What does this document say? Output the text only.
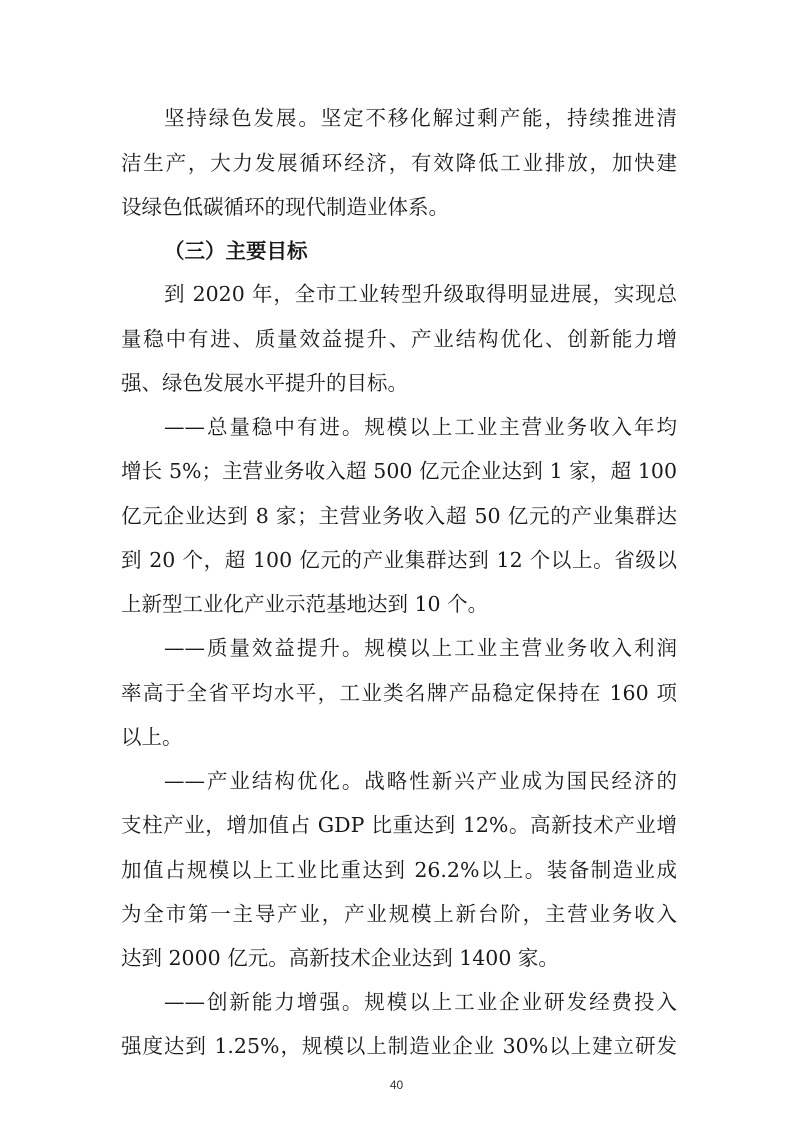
坚持绿色发展。坚定不移化解过剩产能，持续推进清
洁生产，大力发展循环经济，有效降低工业排放，加快建
设绿色低碳循环的现代制造业体系。
（三）主要目标
到 2020 年，全市工业转型升级取得明显进展，实现总
量稳中有进、质量效益提升、产业结构优化、创新能力增
强、绿色发展水平提升的目标。
——总量稳中有进。规模以上工业主营业务收入年均
增长 5%；主营业务收入超 500 亿元企业达到 1 家，超 100
亿元企业达到 8 家；主营业务收入超 50 亿元的产业集群达
到 20 个，超 100 亿元的产业集群达到 12 个以上。省级以
上新型工业化产业示范基地达到 10 个。
——质量效益提升。规模以上工业主营业务收入利润
率高于全省平均水平，工业类名牌产品稳定保持在 160 项
以上。
——产业结构优化。战略性新兴产业成为国民经济的
支柱产业，增加值占 GDP 比重达到 12%。高新技术产业增
加值占规模以上工业比重达到 26.2%以上。装备制造业成
为全市第一主导产业，产业规模上新台阶，主营业务收入
达到 2000 亿元。高新技术企业达到 1400 家。
——创新能力增强。规模以上工业企业研发经费投入
强度达到 1.25%，规模以上制造业企业 30%以上建立研发
40
